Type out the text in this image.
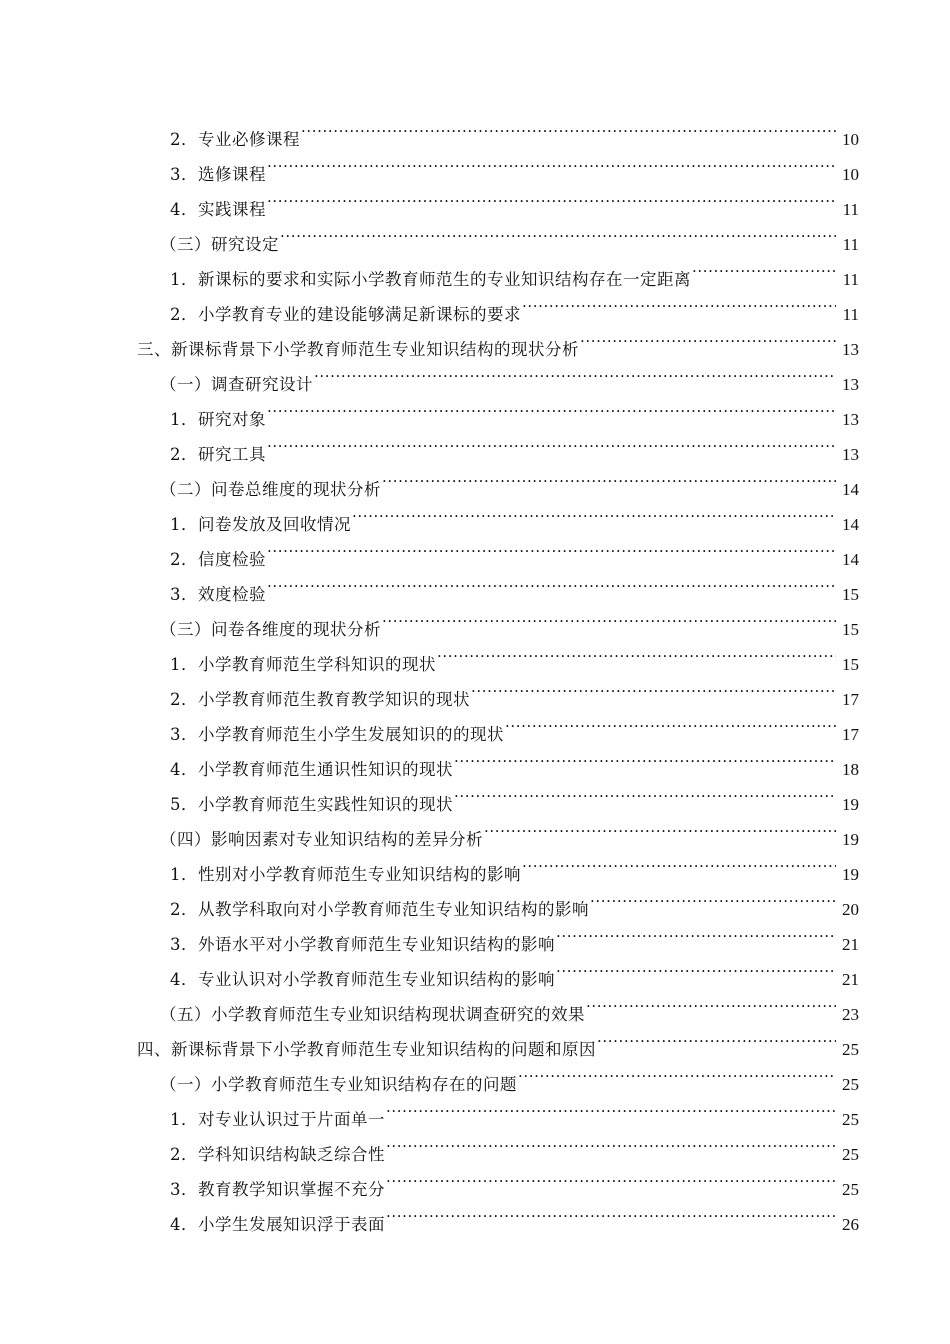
2．专业必修课程 .....	10
3．选修课程 .....	10
4．实践课程 .....	11
（三）研究设定 .....	11
1．新课标的要求和实际小学教育师范生的专业知识结构存在一定距离 .....	11
2．小学教育专业的建设能够满足新课标的要求 .....	11
三、新课标背景下小学教育师范生专业知识结构的现状分析 .....	13
（一）调查研究设计 .....	13
1．研究对象 .....	13
2．研究工具 .....	13
（二）问卷总维度的现状分析 .....	14
1．问卷发放及回收情况 .....	14
2．信度检验 .....	14
3．效度检验 .....	15
（三）问卷各维度的现状分析 .....	15
1．小学教育师范生学科知识的现状 .....	15
2．小学教育师范生教育教学知识的现状 .....	17
3．小学教育师范生小学生发展知识的的现状 .....	17
4．小学教育师范生通识性知识的现状 .....	18
5．小学教育师范生实践性知识的现状 .....	19
（四）影响因素对专业知识结构的差异分析 .....	19
1．性别对小学教育师范生专业知识结构的影响 .....	19
2．从教学科取向对小学教育师范生专业知识结构的影响 .....	20
3．外语水平对小学教育师范生专业知识结构的影响 .....	21
4．专业认识对小学教育师范生专业知识结构的影响 .....	21
（五）小学教育师范生专业知识结构现状调查研究的效果 .....	23
四、新课标背景下小学教育师范生专业知识结构的问题和原因 .....	25
（一）小学教育师范生专业知识结构存在的问题 .....	25
1．对专业认识过于片面单一 .....	25
2．学科知识结构缺乏综合性 .....	25
3．教育教学知识掌握不充分 .....	25
4．小学生发展知识浮于表面 .....	26
